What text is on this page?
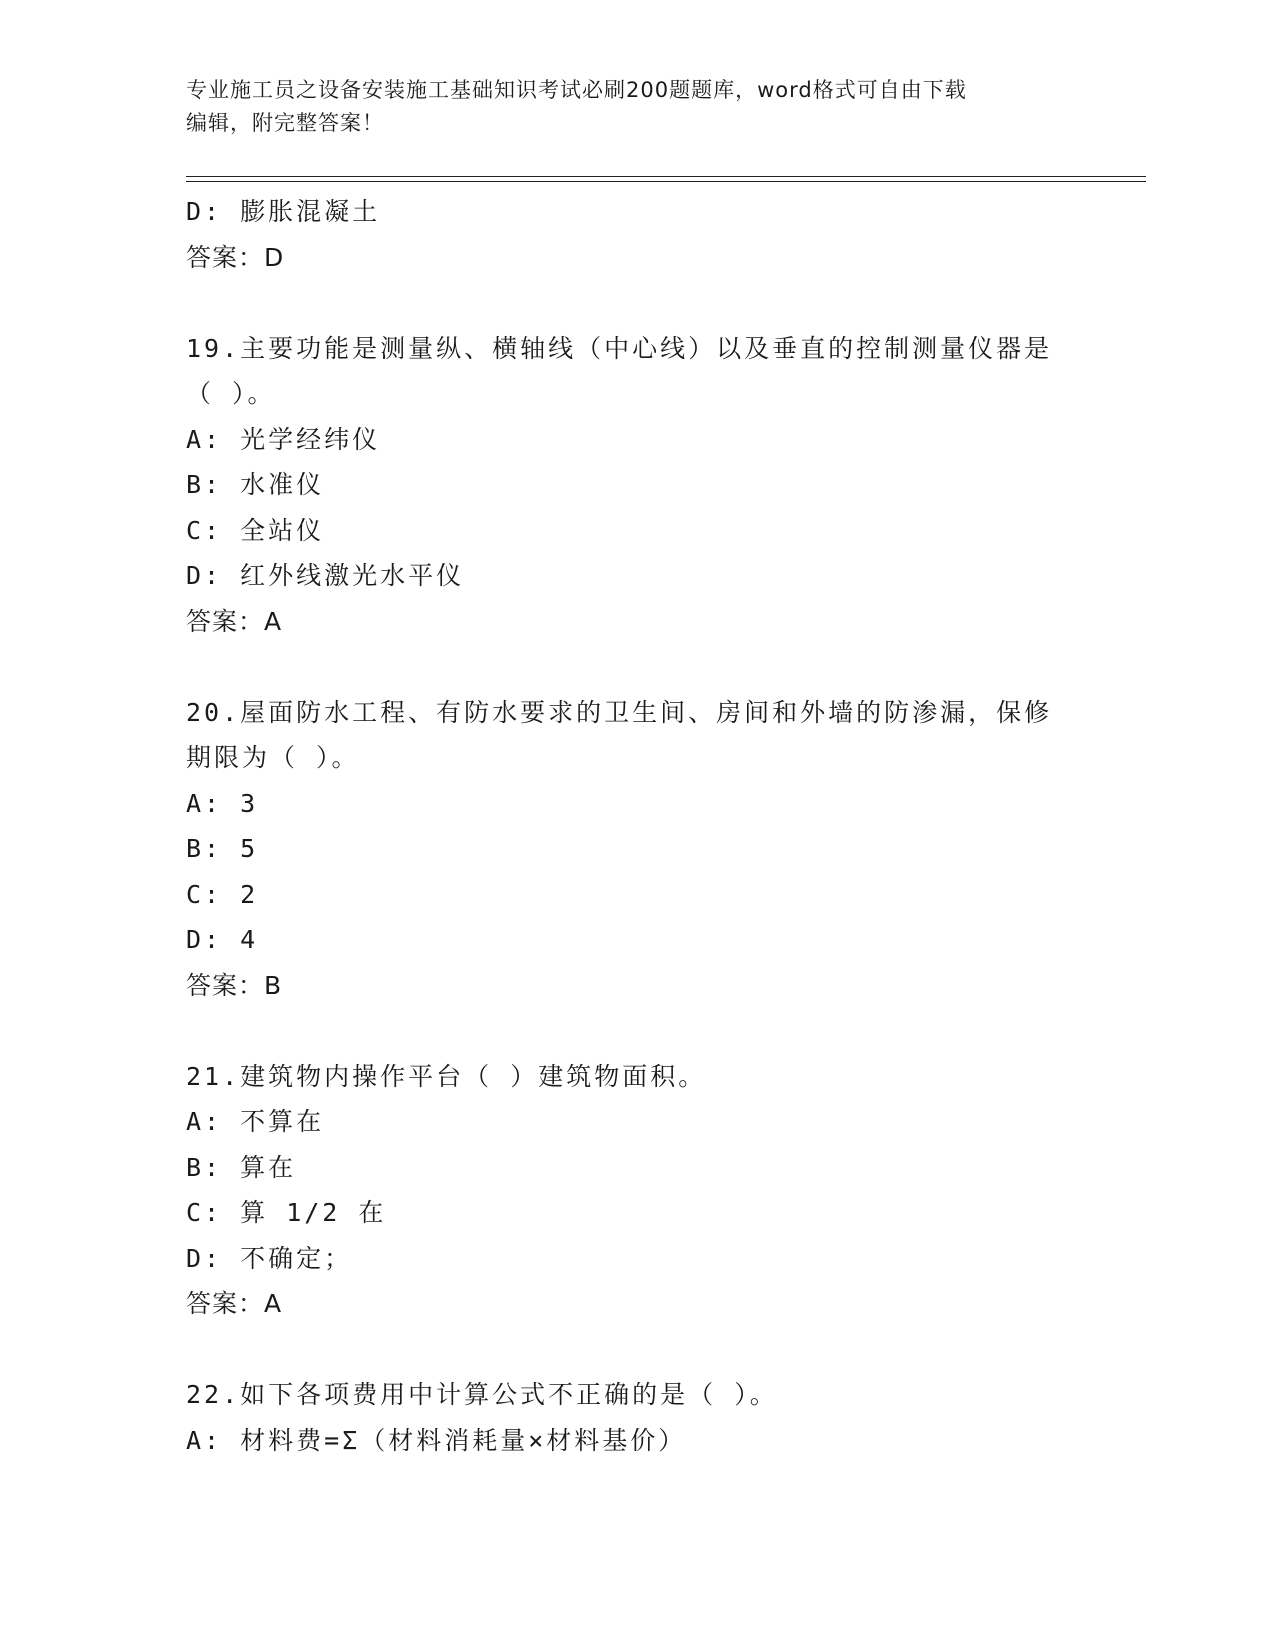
专业施工员之设备安装施工基础知识考试必刷200题题库，word格式可自由下载
编辑，附完整答案！
D: 膨胀混凝土
答案：D
19.主要功能是测量纵、横轴线（中心线）以及垂直的控制测量仪器是
（ ）。
A: 光学经纬仪
B: 水准仪
C: 全站仪
D: 红外线激光水平仪
答案：A
20.屋面防水工程、有防水要求的卫生间、房间和外墙的防渗漏，保修
期限为（ ）。
A: 3
B: 5
C: 2
D: 4
答案：B
21.建筑物内操作平台（ ）建筑物面积。
A: 不算在
B: 算在
C: 算 1/2 在
D: 不确定；
答案：A
22.如下各项费用中计算公式不正确的是（ ）。
A: 材料费=Σ（材料消耗量×材料基价）
